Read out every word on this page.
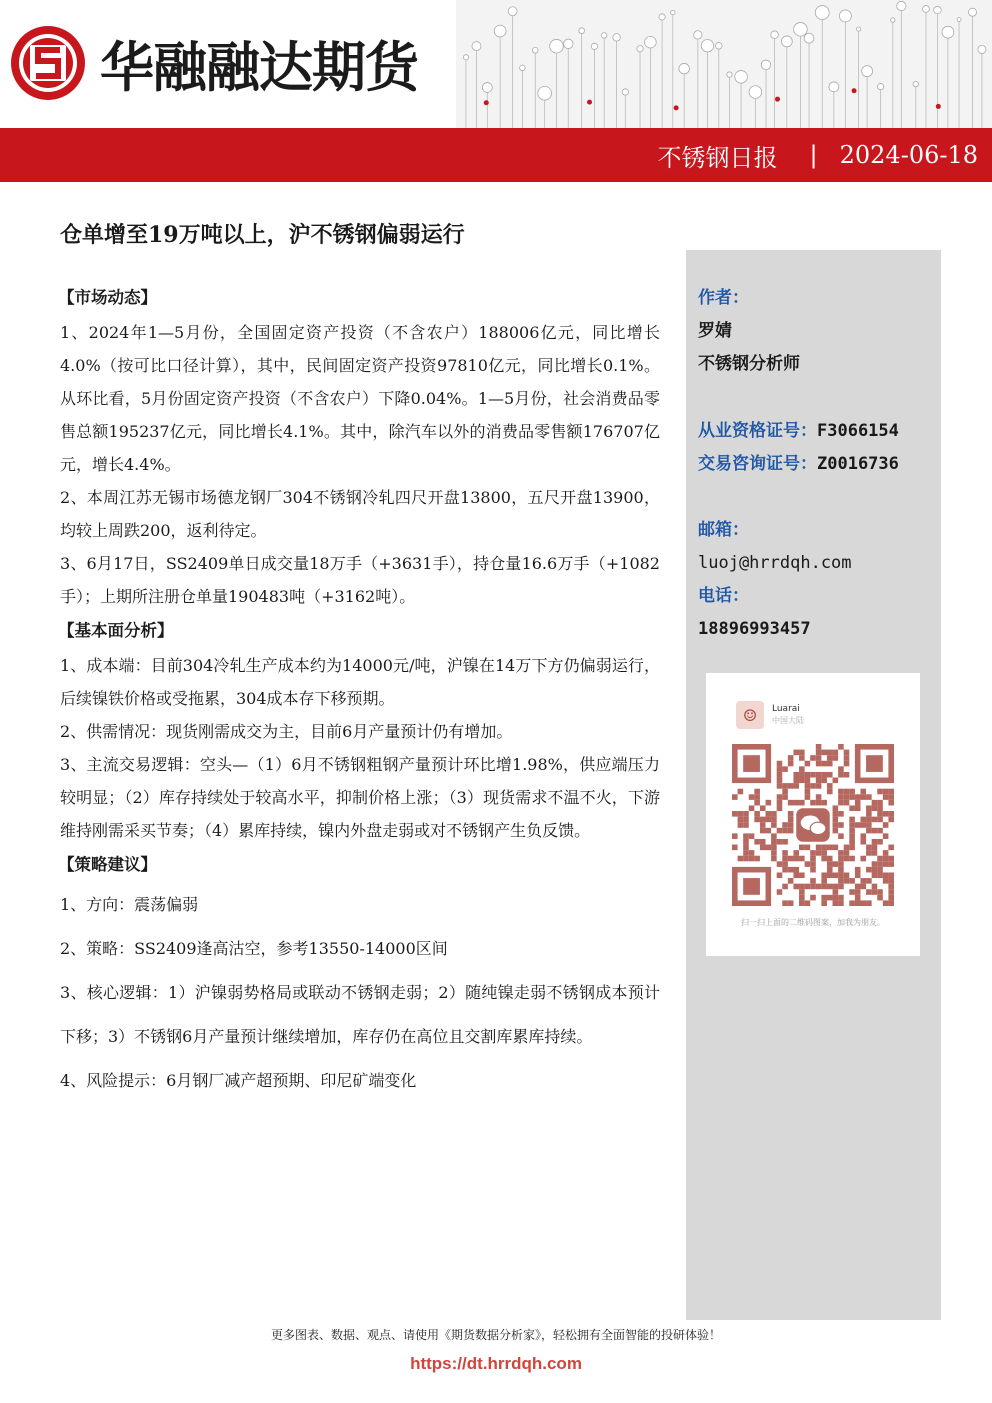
华融融达期货
不锈钢日报 | 2024-06-18
仓单增至19万吨以上，沪不锈钢偏弱运行
【市场动态】
1、2024年1—5月份，全国固定资产投资（不含农户）188006亿元，同比增长4.0%（按可比口径计算），其中，民间固定资产投资97810亿元，同比增长0.1%。从环比看，5月份固定资产投资（不含农户）下降0.04%。1—5月份，社会消费品零售总额195237亿元，同比增长4.1%。其中，除汽车以外的消费品零售额176707亿元，增长4.4%。
2、本周江苏无锡市场德龙钢厂304不锈钢冷轧四尺开盘13800，五尺开盘13900，均较上周跌200，返利待定。
3、6月17日，SS2409单日成交量18万手（+3631手），持仓量16.6万手（+1082手）；上期所注册仓单量190483吨（+3162吨）。
【基本面分析】
1、成本端：目前304冷轧生产成本约为14000元/吨，沪镍在14万下方仍偏弱运行，后续镍铁价格或受拖累，304成本存下移预期。
2、供需情况：现货刚需成交为主，目前6月产量预计仍有增加。
3、主流交易逻辑：空头—（1）6月不锈钢粗钢产量预计环比增1.98%，供应端压力较明显；（2）库存持续处于较高水平，抑制价格上涨；（3）现货需求不温不火，下游维持刚需采买节奏；（4）累库持续，镍内外盘走弱或对不锈钢产生负反馈。
【策略建议】
1、方向：震荡偏弱
2、策略：SS2409逢高沽空，参考13550-14000区间
3、核心逻辑：1）沪镍弱势格局或联动不锈钢走弱；2）随纯镍走弱不锈钢成本预计下移；3）不锈钢6月产量预计继续增加，库存仍在高位且交割库累库持续。
4、风险提示：6月钢厂减产超预期、印尼矿端变化
作者：
罗婧
不锈钢分析师
从业资格证号：F3066154
交易咨询证号：Z0016736
邮箱：
luoj@hrrdqh.com
电话：
18896993457
☺	Luarai
中国大陆
扫一扫上面的二维码图案，加我为朋友。
更多图表、数据、观点、请使用《期货数据分析家》，轻松拥有全面智能的投研体验！
https://dt.hrrdqh.com
